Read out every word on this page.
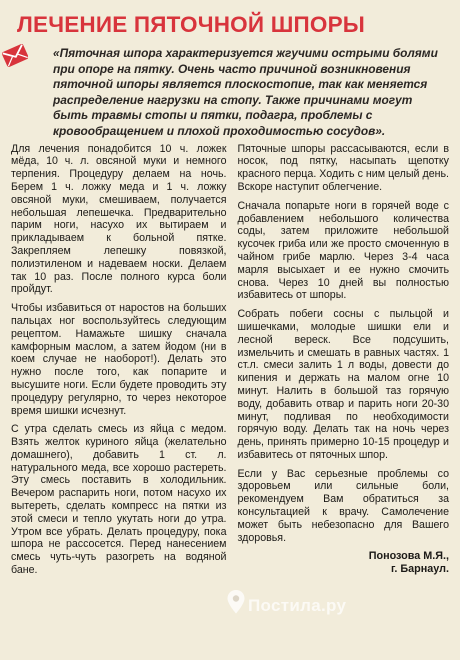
ЛЕЧЕНИЕ ПЯТОЧНОЙ ШПОРЫ

«Пяточная шпора характеризуется жгучими острыми болями при опоре на пятку. Очень часто причиной возникновения пяточной шпоры является плоскостопие, так как меняется распределение нагрузки на стопу. Также причинами могут быть травмы стопы и пятки, подагра, проблемы с кровообращением и плохой проходимостью сосудов».

Для лечения понадобится 10 ч. ложек мёда, 10 ч. л. овсяной муки и немного терпения. Процедуру делаем на ночь. Берем 1 ч. ложку меда и 1 ч. ложку овсяной муки, смешиваем, получается небольшая лепешечка. Предварительно парим ноги, насухо их вытираем и прикладываем к больной пятке. Закрепляем лепешку повязкой, полиэтиленом и надеваем носки. Делаем так 10 раз. После полного курса боли пройдут.

Чтобы избавиться от наростов на больших пальцах ног воспользуйтесь следующим рецептом. Намажьте шишку сначала камфорным маслом, а затем йодом (ни в коем случае не наоборот!). Делать это нужно после того, как попарите и высушите ноги. Если будете проводить эту процедуру регулярно, то через некоторое время шишки исчезнут.

С утра сделать смесь из яйца с медом. Взять желток куриного яйца (желательно домашнего), добавить 1 ст. л. натурального меда, все хорошо растереть. Эту смесь поставить в холодильник. Вечером распарить ноги, потом насухо их вытереть, сделать компресс на пятки из этой смеси и тепло укутать ноги до утра. Утром все убрать. Делать процедуру, пока шпора не рассосется. Перед нанесением смесь чуть-чуть разогреть на водяной бане.

Пяточные шпоры рассасываются, если в носок, под пятку, насыпать щепотку красного перца. Ходить с ним целый день. Вскоре наступит облегчение.

Сначала попарьте ноги в горячей воде с добавлением небольшого количества соды, затем приложите небольшой кусочек гриба или же просто смоченную в чайном грибе марлю. Через 3-4 часа марля высыхает и ее нужно смочить снова. Через 10 дней вы полностью избавитесь от шпоры.

Собрать побеги сосны с пыльцой и шишечками, молодые шишки ели и лесной вереск. Все подсушить, измельчить и смешать в равных частях. 1 ст.л. смеси залить 1 л воды, довести до кипения и держать на малом огне 10 минут. Налить в большой таз горячую воду, добавить отвар и парить ноги 20-30 минут, подливая по необходимости горячую воду. Делать так на ночь через день, принять примерно 10-15 процедур и избавитесь от пяточных шпор.

Если у Вас серьезные проблемы со здоровьем или сильные боли, рекомендуем Вам обратиться за консультацией к врачу. Самолечение может быть небезопасно для Вашего здоровья.

Понозова М.Я.,
г. Барнаул.
Постила.ру
